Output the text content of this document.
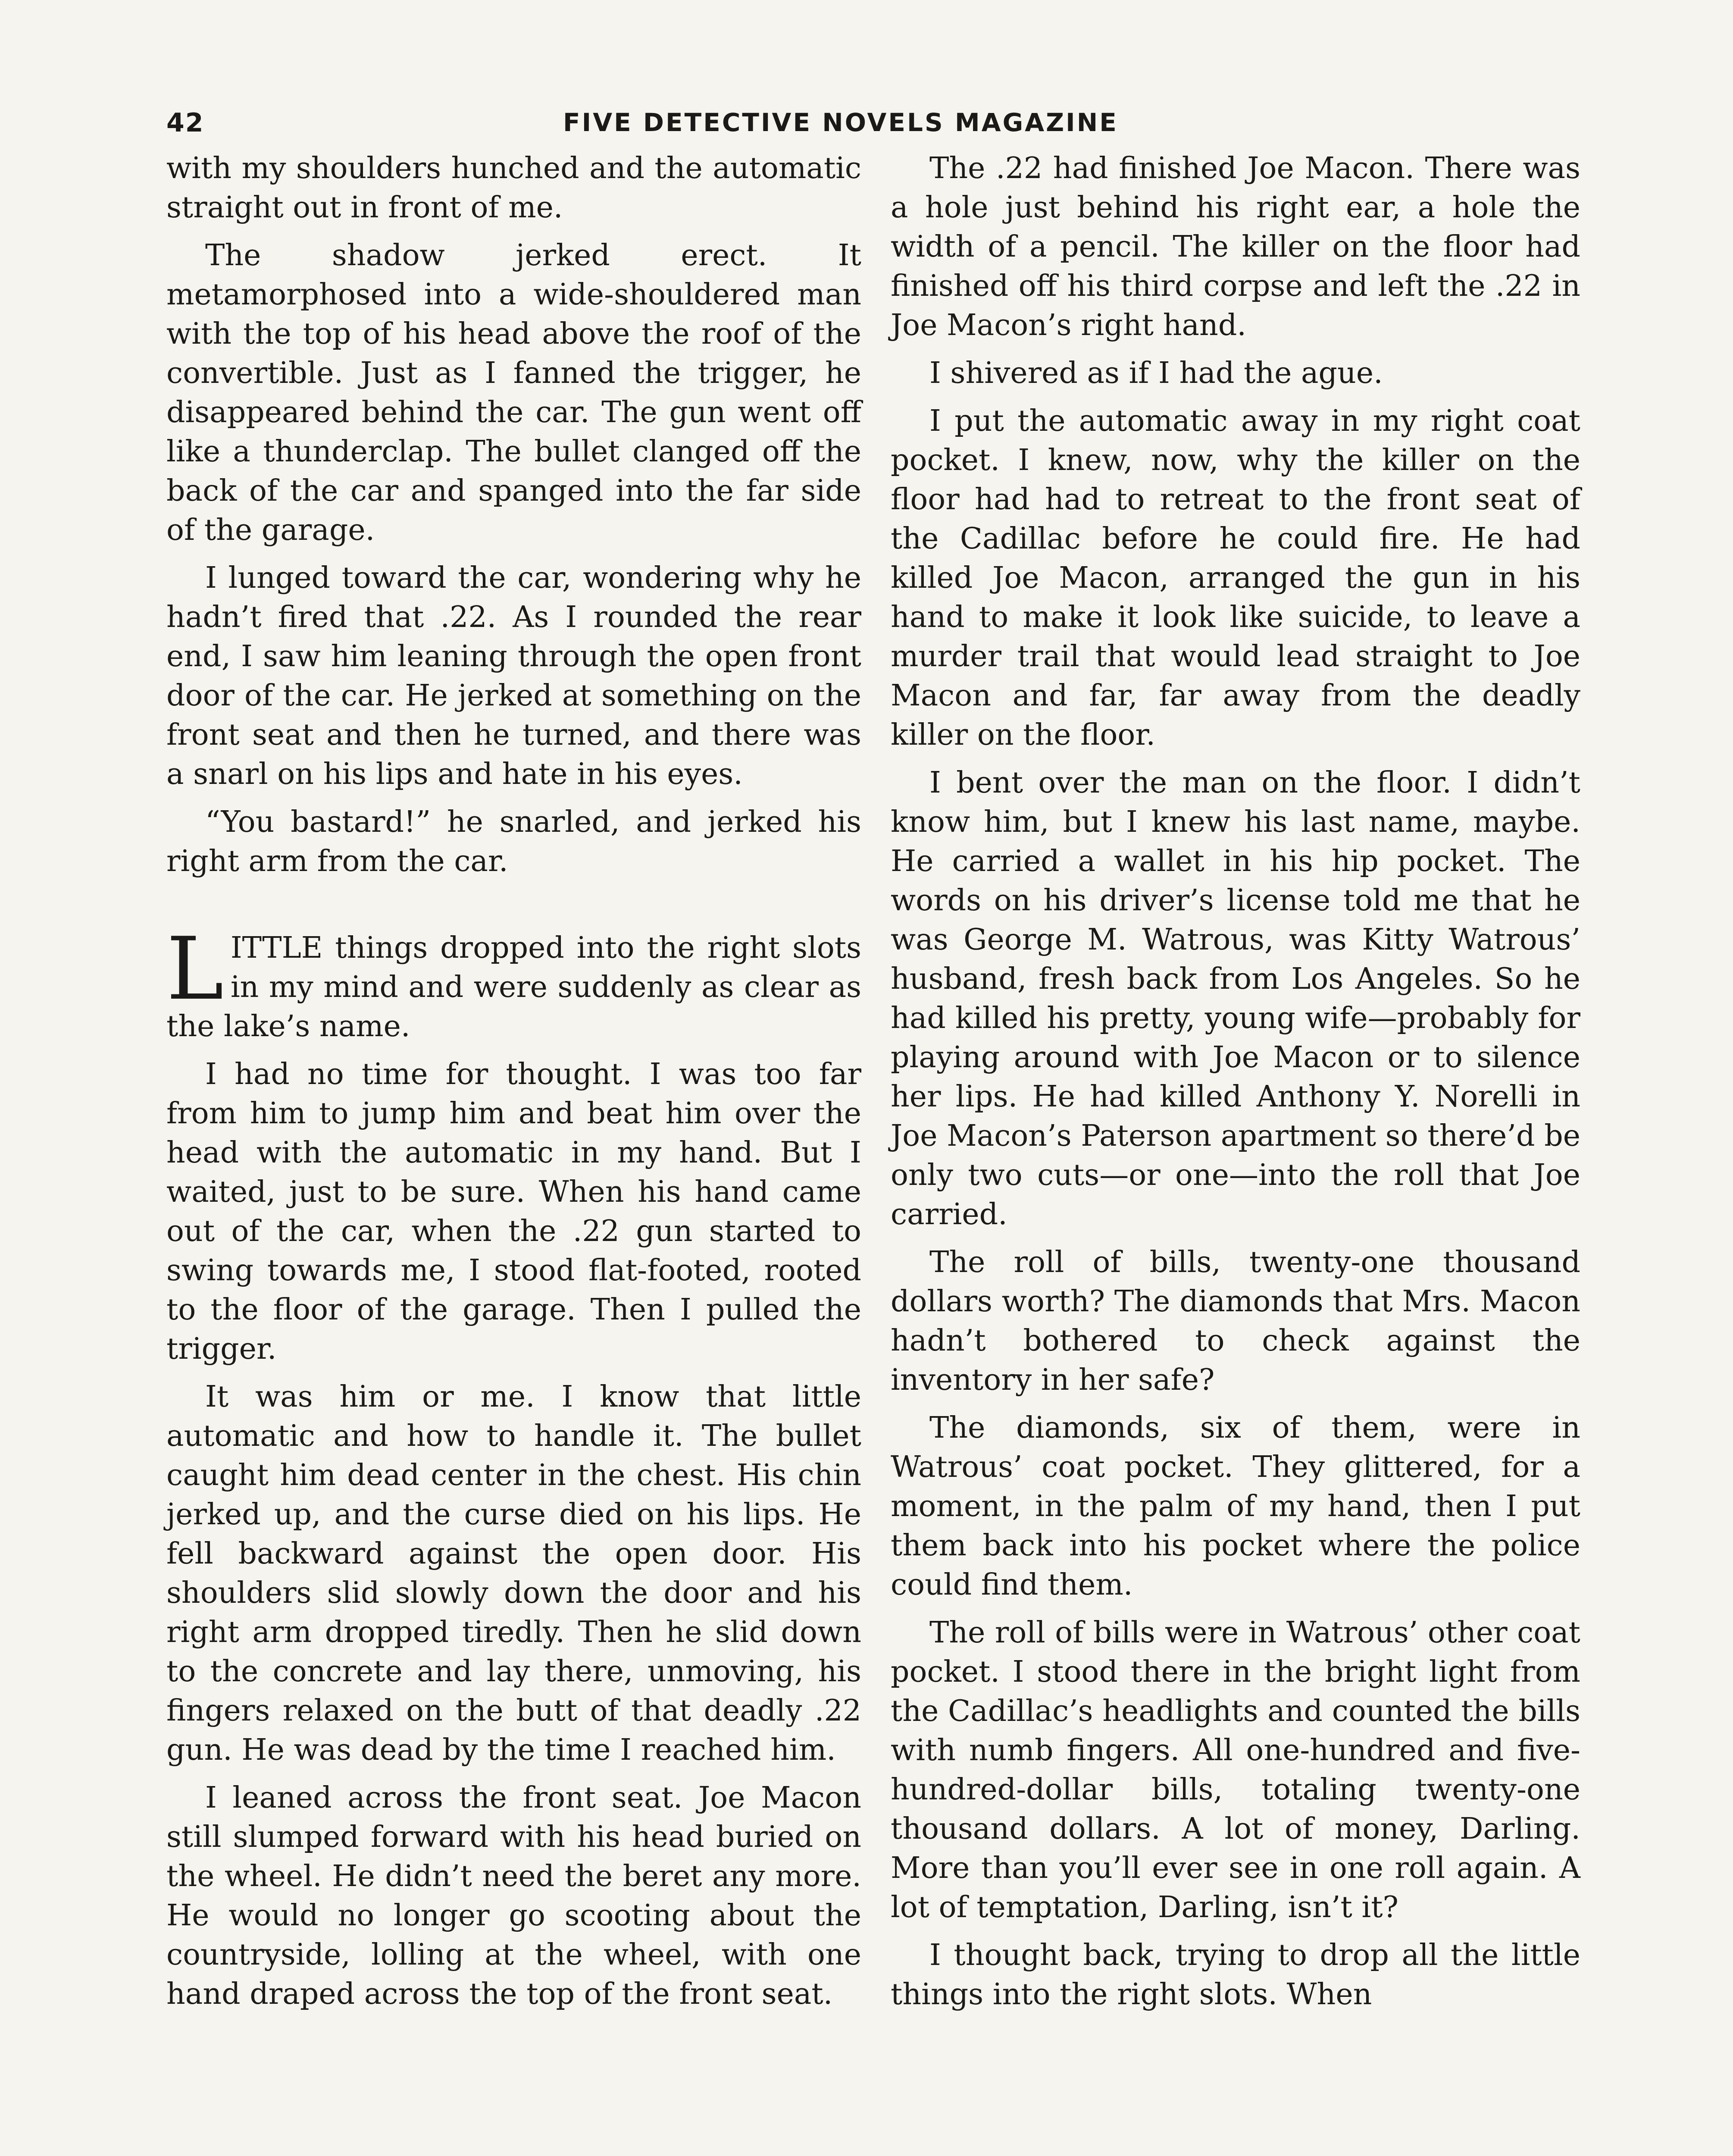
42	FIVE DETECTIVE NOVELS MAGAZINE

with my shoulders hunched and the automatic straight out in front of me.

The shadow jerked erect. It metamorphosed into a wide-shouldered man with the top of his head above the roof of the convertible. Just as I fanned the trigger, he disappeared behind the car. The gun went off like a thunderclap. The bullet clanged off the back of the car and spanged into the far side of the garage.

I lunged toward the car, wondering why he hadn’t fired that .22. As I rounded the rear end, I saw him leaning through the open front door of the car. He jerked at something on the front seat and then he turned, and there was a snarl on his lips and hate in his eyes.

“You bastard!” he snarled, and jerked his right arm from the car.

LITTLE things dropped into the right slots in my mind and were suddenly as clear as the lake’s name.

I had no time for thought. I was too far from him to jump him and beat him over the head with the automatic in my hand. But I waited, just to be sure. When his hand came out of the car, when the .22 gun started to swing towards me, I stood flat-footed, rooted to the floor of the garage. Then I pulled the trigger.

It was him or me. I know that little automatic and how to handle it. The bullet caught him dead center in the chest. His chin jerked up, and the curse died on his lips. He fell backward against the open door. His shoulders slid slowly down the door and his right arm dropped tiredly. Then he slid down to the concrete and lay there, unmoving, his fingers relaxed on the butt of that deadly .22 gun. He was dead by the time I reached him.

I leaned across the front seat. Joe Macon still slumped forward with his head buried on the wheel. He didn’t need the beret any more. He would no longer go scooting about the countryside, lolling at the wheel, with one hand draped across the top of the front seat.

The .22 had finished Joe Macon. There was a hole just behind his right ear, a hole the width of a pencil. The killer on the floor had finished off his third corpse and left the .22 in Joe Macon’s right hand.

I shivered as if I had the ague.

I put the automatic away in my right coat pocket. I knew, now, why the killer on the floor had had to retreat to the front seat of the Cadillac before he could fire. He had killed Joe Macon, arranged the gun in his hand to make it look like suicide, to leave a murder trail that would lead straight to Joe Macon and far, far away from the deadly killer on the floor.

I bent over the man on the floor. I didn’t know him, but I knew his last name, maybe. He carried a wallet in his hip pocket. The words on his driver’s license told me that he was George M. Watrous, was Kitty Watrous’ husband, fresh back from Los Angeles. So he had killed his pretty, young wife—probably for playing around with Joe Macon or to silence her lips. He had killed Anthony Y. Norelli in Joe Macon’s Paterson apartment so there’d be only two cuts—or one—into the roll that Joe carried.

The roll of bills, twenty-one thousand dollars worth? The diamonds that Mrs. Macon hadn’t bothered to check against the inventory in her safe?

The diamonds, six of them, were in Watrous’ coat pocket. They glittered, for a moment, in the palm of my hand, then I put them back into his pocket where the police could find them.

The roll of bills were in Watrous’ other coat pocket. I stood there in the bright light from the Cadillac’s headlights and counted the bills with numb fingers. All one-hundred and five-hundred-dollar bills, totaling twenty-one thousand dollars. A lot of money, Darling. More than you’ll ever see in one roll again. A lot of temptation, Darling, isn’t it?

I thought back, trying to drop all the little things into the right slots. When
